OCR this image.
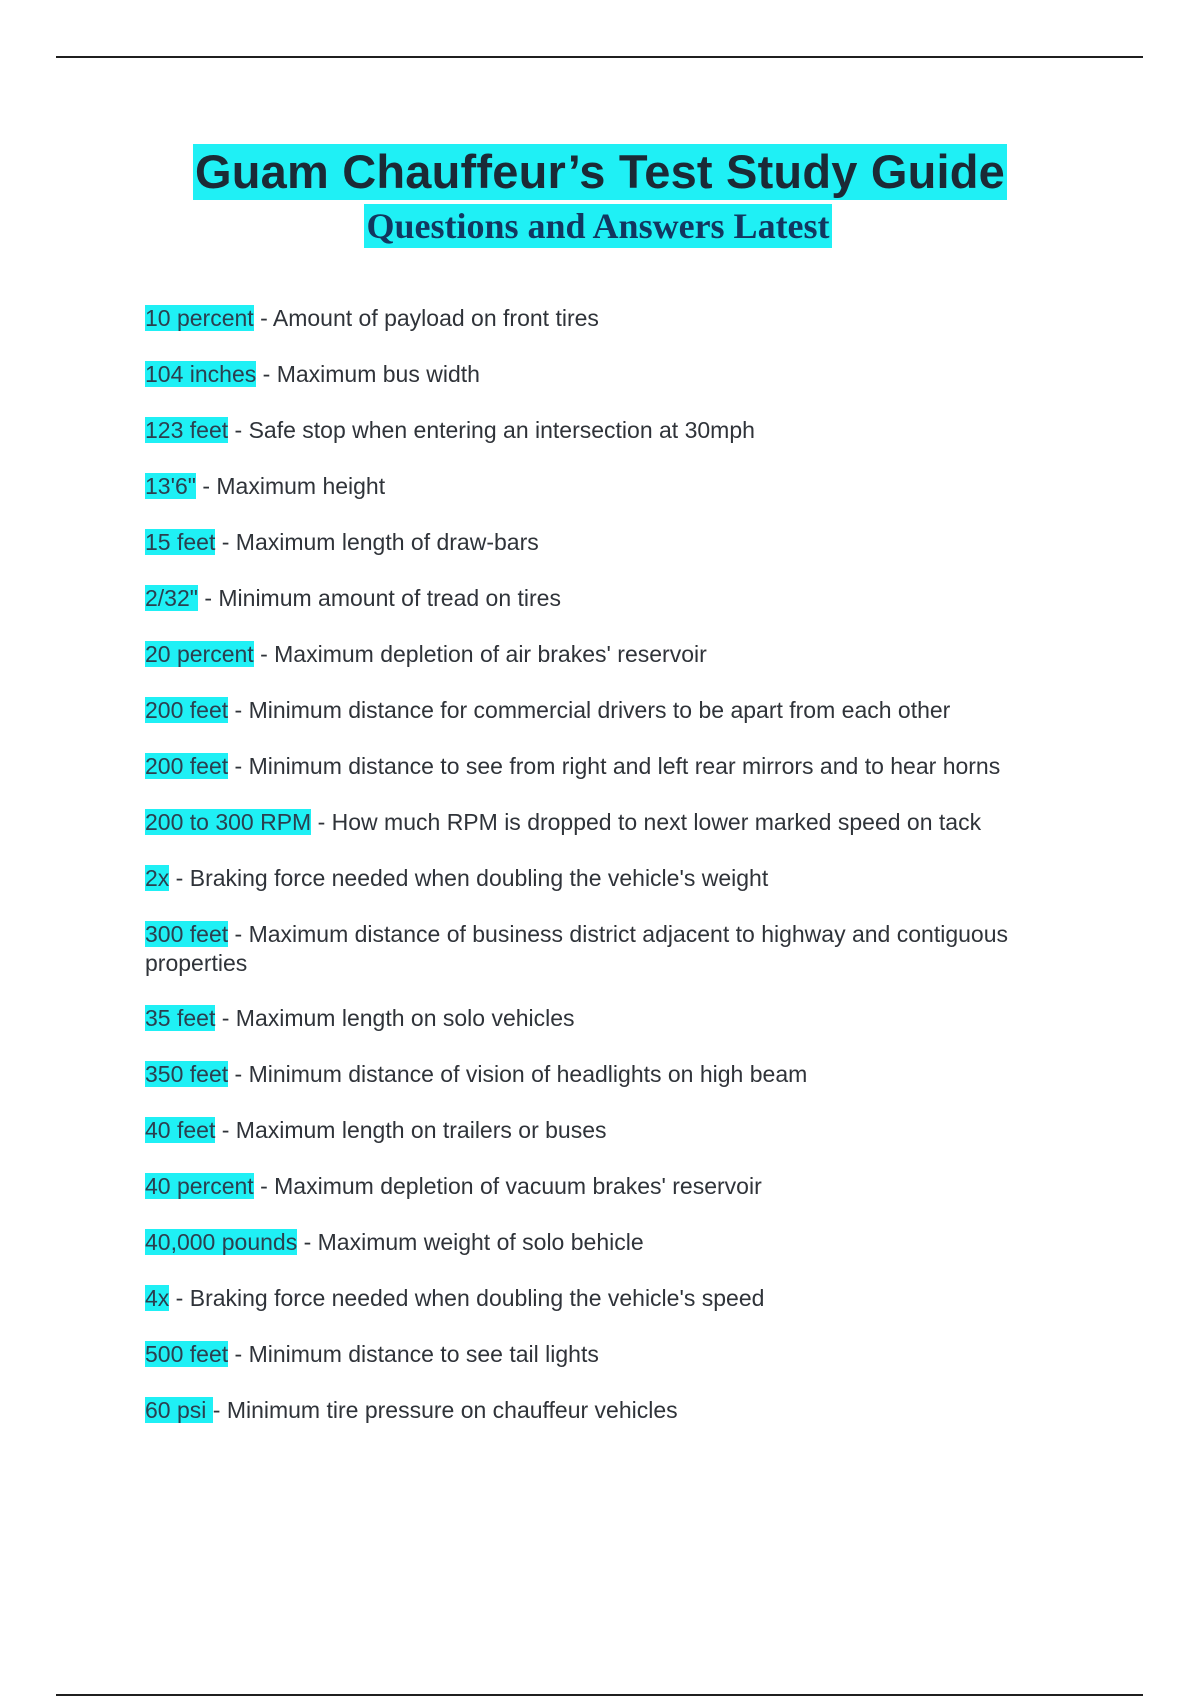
Guam Chauffeur’s Test Study Guide
Questions and Answers Latest
10 percent - Amount of payload on front tires
104 inches - Maximum bus width
123 feet - Safe stop when entering an intersection at 30mph
13'6" - Maximum height
15 feet - Maximum length of draw-bars
2/32" - Minimum amount of tread on tires
20 percent - Maximum depletion of air brakes' reservoir
200 feet - Minimum distance for commercial drivers to be apart from each other
200 feet - Minimum distance to see from right and left rear mirrors and to hear horns
200 to 300 RPM - How much RPM is dropped to next lower marked speed on tack
2x - Braking force needed when doubling the vehicle's weight
300 feet - Maximum distance of business district adjacent to highway and contiguous properties
35 feet - Maximum length on solo vehicles
350 feet - Minimum distance of vision of headlights on high beam
40 feet - Maximum length on trailers or buses
40 percent - Maximum depletion of vacuum brakes' reservoir
40,000 pounds - Maximum weight of solo behicle
4x - Braking force needed when doubling the vehicle's speed
500 feet - Minimum distance to see tail lights
60 psi - Minimum tire pressure on chauffeur vehicles
